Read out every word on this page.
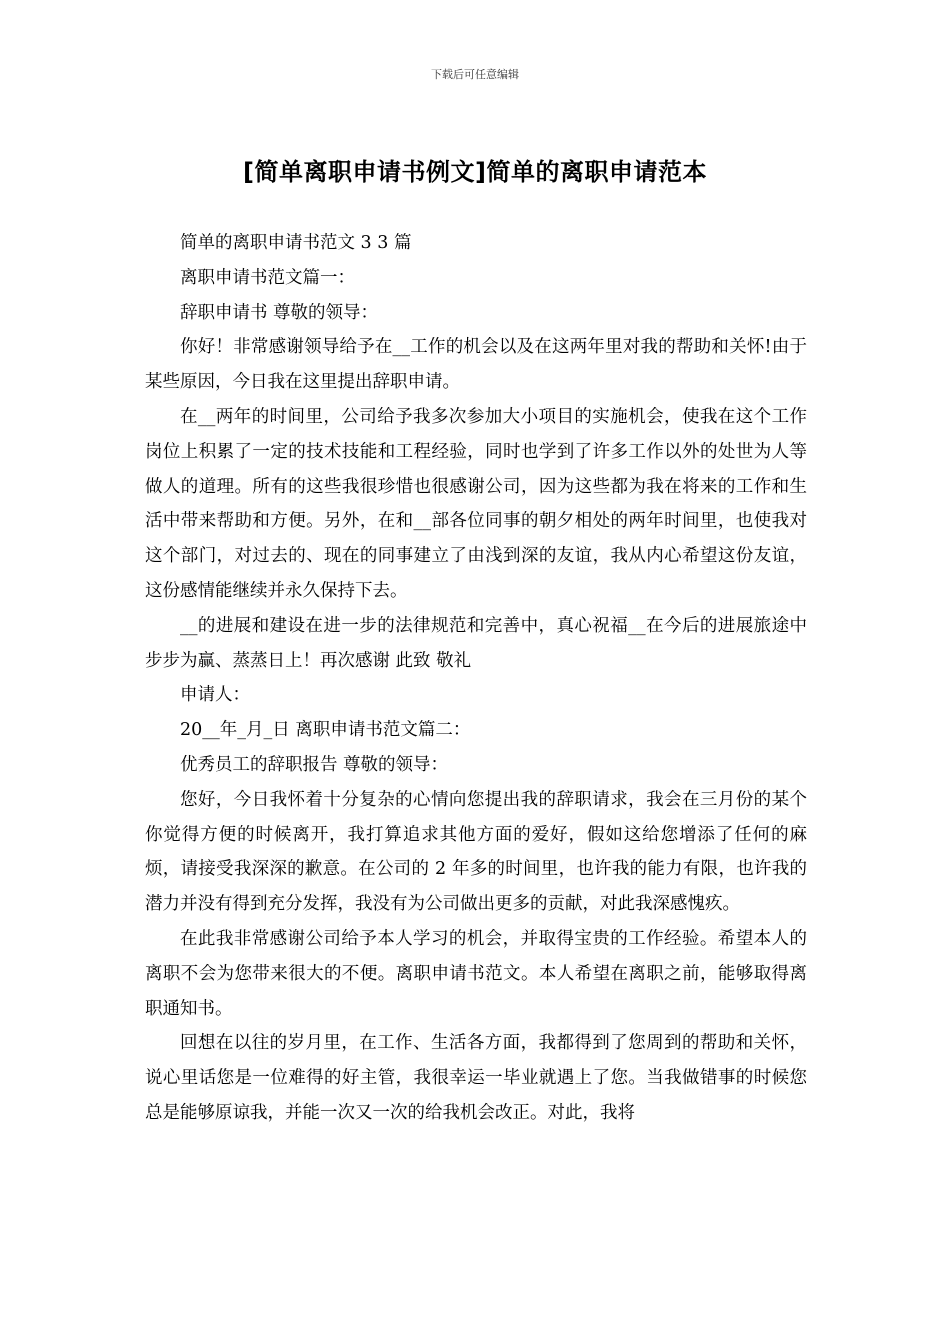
下载后可任意编辑
[简单离职申请书例文]简单的离职申请范本

简单的离职申请书范文 3 3 篇

离职申请书范文篇一：

辞职申请书 尊敬的领导：

你好！非常感谢领导给予在__工作的机会以及在这两年里对我的帮助和关怀!由于某些原因，今日我在这里提出辞职申请。

在__两年的时间里，公司给予我多次参加大小项目的实施机会，使我在这个工作岗位上积累了一定的技术技能和工程经验，同时也学到了许多工作以外的处世为人等做人的道理。所有的这些我很珍惜也很感谢公司，因为这些都为我在将来的工作和生活中带来帮助和方便。另外，在和__部各位同事的朝夕相处的两年时间里，也使我对这个部门，对过去的、现在的同事建立了由浅到深的友谊，我从内心希望这份友谊，这份感情能继续并永久保持下去。

__的进展和建设在进一步的法律规范和完善中，真心祝福__在今后的进展旅途中步步为赢、蒸蒸日上！再次感谢 此致 敬礼

申请人：

20__年_月_日 离职申请书范文篇二：

优秀员工的辞职报告 尊敬的领导：

您好，今日我怀着十分复杂的心情向您提出我的辞职请求，我会在三月份的某个你觉得方便的时候离开，我打算追求其他方面的爱好，假如这给您增添了任何的麻烦，请接受我深深的歉意。在公司的 2 年多的时间里，也许我的能力有限，也许我的潜力并没有得到充分发挥，我没有为公司做出更多的贡献，对此我深感愧疚。

在此我非常感谢公司给予本人学习的机会，并取得宝贵的工作经验。希望本人的离职不会为您带来很大的不便。离职申请书范文。本人希望在离职之前，能够取得离职通知书。

回想在以往的岁月里，在工作、生活各方面，我都得到了您周到的帮助和关怀，说心里话您是一位难得的好主管，我很幸运一毕业就遇上了您。当我做错事的时候您总是能够原谅我，并能一次又一次的给我机会改正。对此，我将
